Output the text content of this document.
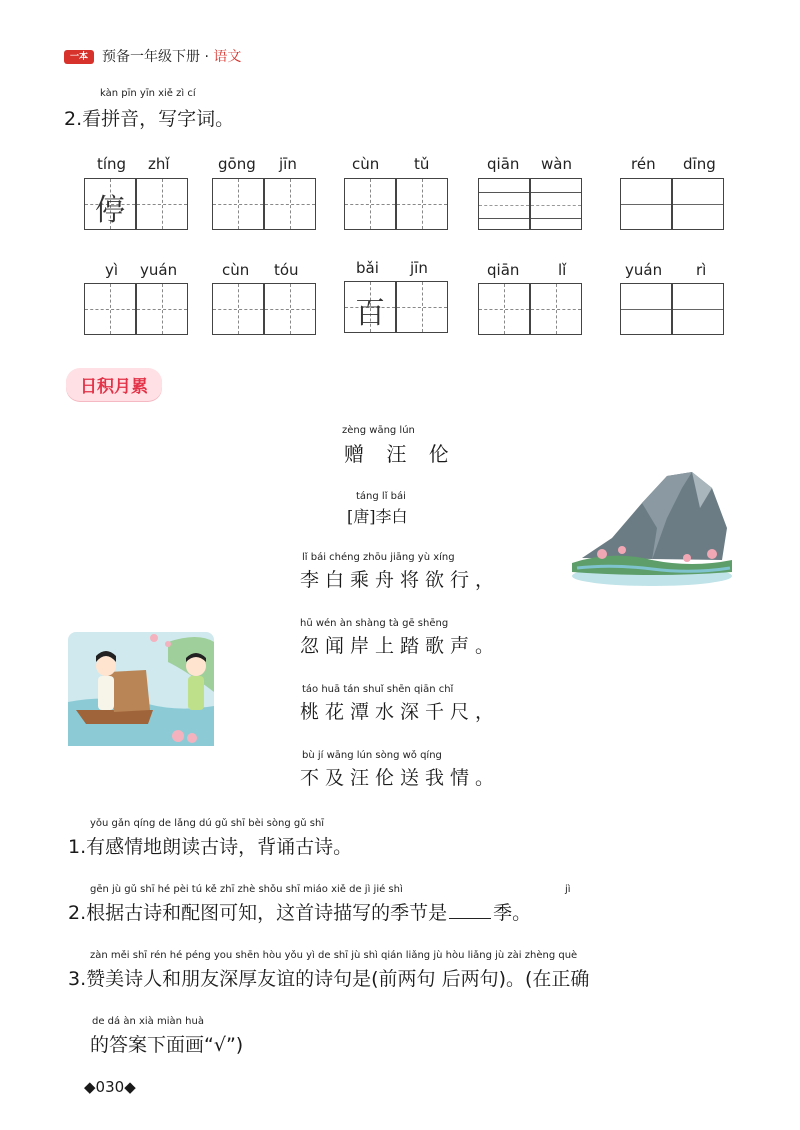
一本	预备一年级下册 · 语文
kàn pīn yīn xiě zì cí
2.看拼音，写字词。
tíng zhǐ
停
gōng jīn	cùn tǔ	qiān wàn	rén dīng
yì yuán	cùn tóu	bǎi jīn
百
qiān	lǐ	yuán rì
日积月累
zèng wāng lún
赠 汪 伦
táng lǐ bái
[唐]李白
lǐ bái chéng zhōu jiāng yù xíng
李白乘舟将欲行，
hū wén àn shàng tà gē shēng
忽闻岸上踏歌声。
táo huā tán shuǐ shēn qiān chǐ
桃花潭水深千尺，
bù jí wāng lún sòng wǒ qíng
不及汪伦送我情。
yǒu gǎn qíng de lǎng dú gǔ shī bèi sòng gǔ shī
1.有感情地朗读古诗，背诵古诗。
gēn jù gǔ shī hé pèi tú kě zhī zhè shǒu shī miáo xiě de jì jié shì	jì
2.根据古诗和配图可知，这首诗描写的季节是 季。
zàn měi shī rén hé péng you shēn hòu yǒu yì de shī jù shì qián liǎng jù hòu liǎng jù zài zhèng què
3.赞美诗人和朋友深厚友谊的诗句是(前两句 后两句)。(在正确
de dá àn xià miàn huà
的答案下面画“√”)
◆030◆
